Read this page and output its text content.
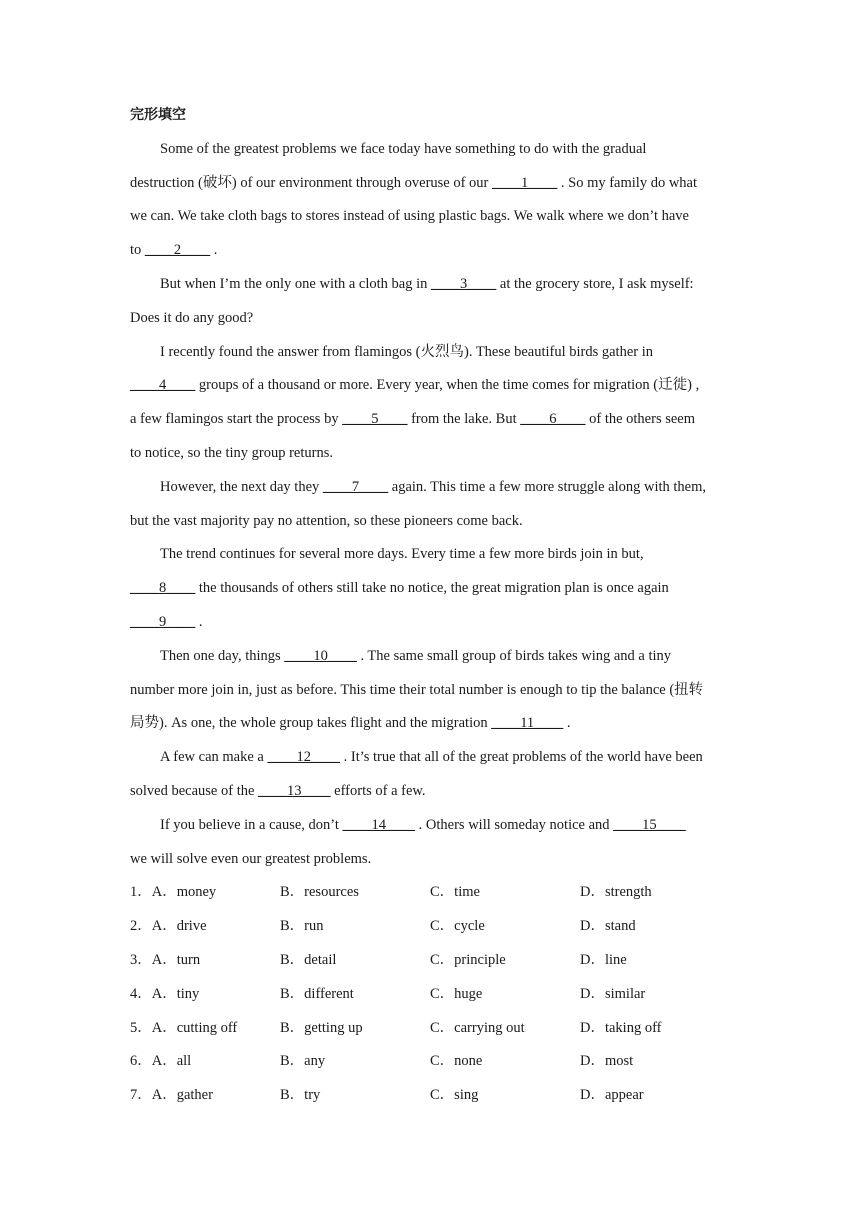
完形填空
Some of the greatest problems we face today have something to do with the gradual
destruction (破坏) of our environment through overuse of our ____1____ . So my family do what
we can. We take cloth bags to stores instead of using plastic bags. We walk where we don’t have
to ____2____ .
But when I’m the only one with a cloth bag in ____3____ at the grocery store, I ask myself:
Does it do any good?
I recently found the answer from flamingos (火烈鸟). These beautiful birds gather in
____4____ groups of a thousand or more. Every year, when the time comes for migration (迁徙) ,
a few flamingos start the process by ____5____ from the lake. But ____6____ of the others seem
to notice, so the tiny group returns.
However, the next day they ____7____ again. This time a few more struggle along with them,
but the vast majority pay no attention, so these pioneers come back.
The trend continues for several more days. Every time a few more birds join in but,
____8____ the thousands of others still take no notice, the great migration plan is once again
____9____ .
Then one day, things ____10____ . The same small group of birds takes wing and a tiny
number more join in, just as before. This time their total number is enough to tip the balance (扭转
局势). As one, the whole group takes flight and the migration ____11____ .
A few can make a ____12____ . It’s true that all of the great problems of the world have been
solved because of the ____13____ efforts of a few.
If you believe in a cause, don’t ____14____ . Others will someday notice and ____15____
we will solve even our greatest problems.
1．A．money	B．resources	C．time	D．strength
2．A．drive	B．run	C．cycle	D．stand
3．A．turn	B．detail	C．principle	D．line
4．A．tiny	B．different	C．huge	D．similar
5．A．cutting off	B．getting up	C．carrying out	D．taking off
6．A．all	B．any	C．none	D．most
7．A．gather	B．try	C．sing	D．appear
